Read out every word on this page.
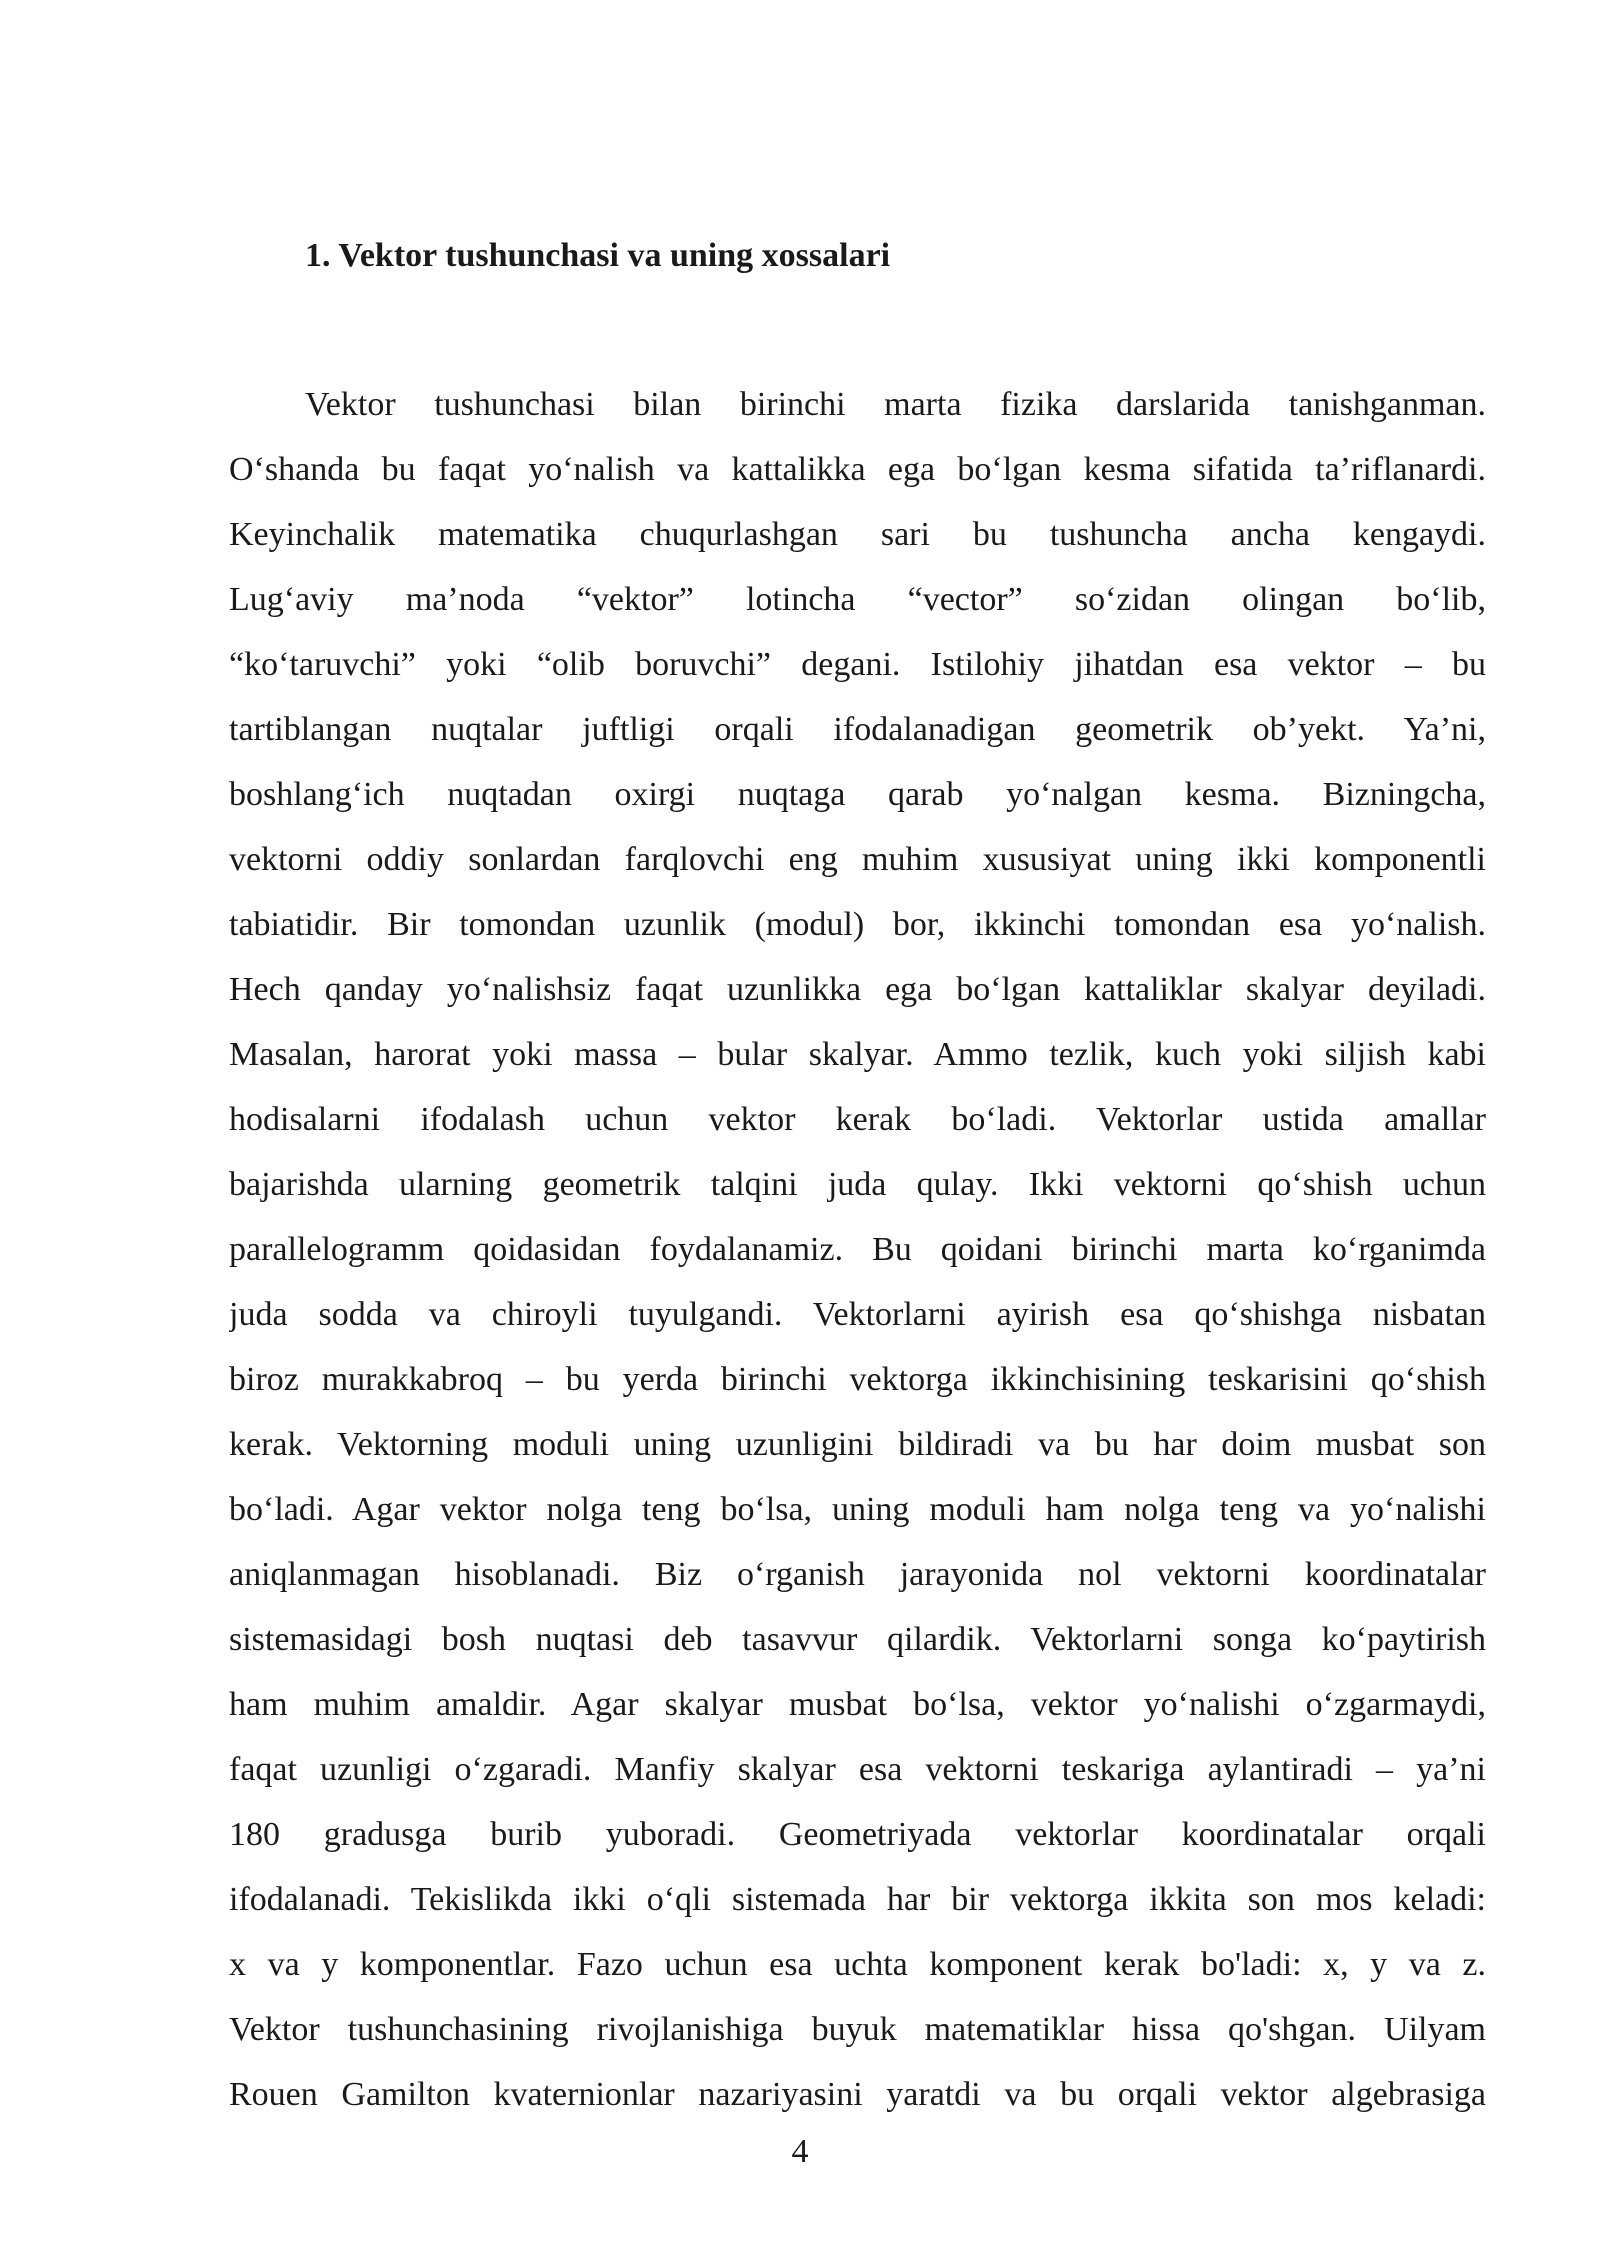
1. Vektor tushunchasi va uning xossalari
Vektor tushunchasi bilan birinchi marta fizika darslarida tanishganman.
O‘shanda bu faqat yo‘nalish va kattalikka ega bo‘lgan kesma sifatida ta’riflanardi.
Keyinchalik matematika chuqurlashgan sari bu tushuncha ancha kengaydi.
Lug‘aviy ma’noda “vektor” lotincha “vector” so‘zidan olingan bo‘lib,
“ko‘taruvchi” yoki “olib boruvchi” degani. Istilohiy jihatdan esa vektor – bu
tartiblangan nuqtalar juftligi orqali ifodalanadigan geometrik ob’yekt. Ya’ni,
boshlang‘ich nuqtadan oxirgi nuqtaga qarab yo‘nalgan kesma. Bizningcha,
vektorni oddiy sonlardan farqlovchi eng muhim xususiyat uning ikki komponentli
tabiatidir. Bir tomondan uzunlik (modul) bor, ikkinchi tomondan esa yo‘nalish.
Hech qanday yo‘nalishsiz faqat uzunlikka ega bo‘lgan kattaliklar skalyar deyiladi.
Masalan, harorat yoki massa – bular skalyar. Ammo tezlik, kuch yoki siljish kabi
hodisalarni ifodalash uchun vektor kerak bo‘ladi. Vektorlar ustida amallar
bajarishda ularning geometrik talqini juda qulay. Ikki vektorni qo‘shish uchun
parallelogramm qoidasidan foydalanamiz. Bu qoidani birinchi marta ko‘rganimda
juda sodda va chiroyli tuyulgandi. Vektorlarni ayirish esa qo‘shishga nisbatan
biroz murakkabroq – bu yerda birinchi vektorga ikkinchisining teskarisini qo‘shish
kerak. Vektorning moduli uning uzunligini bildiradi va bu har doim musbat son
bo‘ladi. Agar vektor nolga teng bo‘lsa, uning moduli ham nolga teng va yo‘nalishi
aniqlanmagan hisoblanadi. Biz o‘rganish jarayonida nol vektorni koordinatalar
sistemasidagi bosh nuqtasi deb tasavvur qilardik. Vektorlarni songa ko‘paytirish
ham muhim amaldir. Agar skalyar musbat bo‘lsa, vektor yo‘nalishi o‘zgarmaydi,
faqat uzunligi o‘zgaradi. Manfiy skalyar esa vektorni teskariga aylantiradi – ya’ni
180 gradusga burib yuboradi. Geometriyada vektorlar koordinatalar orqali
ifodalanadi. Tekislikda ikki o‘qli sistemada har bir vektorga ikkita son mos keladi:
x va y komponentlar. Fazo uchun esa uchta komponent kerak bo'ladi: x, y va z.
Vektor tushunchasining rivojlanishiga buyuk matematiklar hissa qo'shgan. Uilyam
Rouen Gamilton kvaternionlar nazariyasini yaratdi va bu orqali vektor algebrasiga
4
